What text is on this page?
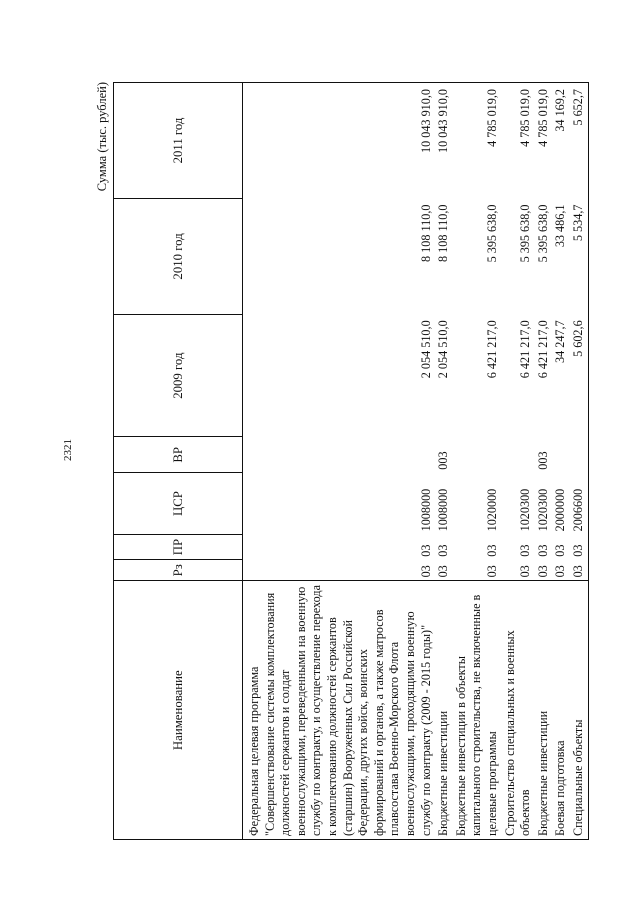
2321
Сумма (тыс. рублей)
Наименование	Рз	ПР	ЦСР	ВР	2009 год	2010 год	2011 год
Федеральная целевая программа "Совершенствование системы комплектования должностей сержантов и солдат военнослужащими, переведенными на военную службу по контракту, и осуществление перехода к комплектованию должностей сержантов (старшин) Вооруженных Сил Российской Федерации, других войск, воинских формирований и органов, а также матросов плавсостава Военно-Морского Флота военнослужащими, проходящими военную службу по контракту (2009 - 2015 годы)"	03	03	1008000		2 054 510,0	8 108 110,0	10 043 910,0
Бюджетные инвестиции	03	03	1008000	003	2 054 510,0	8 108 110,0	10 043 910,0
Бюджетные инвестиции в объекты капитального строительства, не включенные в целевые программы	03	03	1020000		6 421 217,0	5 395 638,0	4 785 019,0
Строительство специальных и военных объектов	03	03	1020300		6 421 217,0	5 395 638,0	4 785 019,0
Бюджетные инвестиции	03	03	1020300	003	6 421 217,0	5 395 638,0	4 785 019,0
Боевая подготовка	03	03	2000000		34 247,7	33 486,1	34 169,2
Специальные объекты	03	03	2006600		5 602,6	5 534,7	5 652,7
